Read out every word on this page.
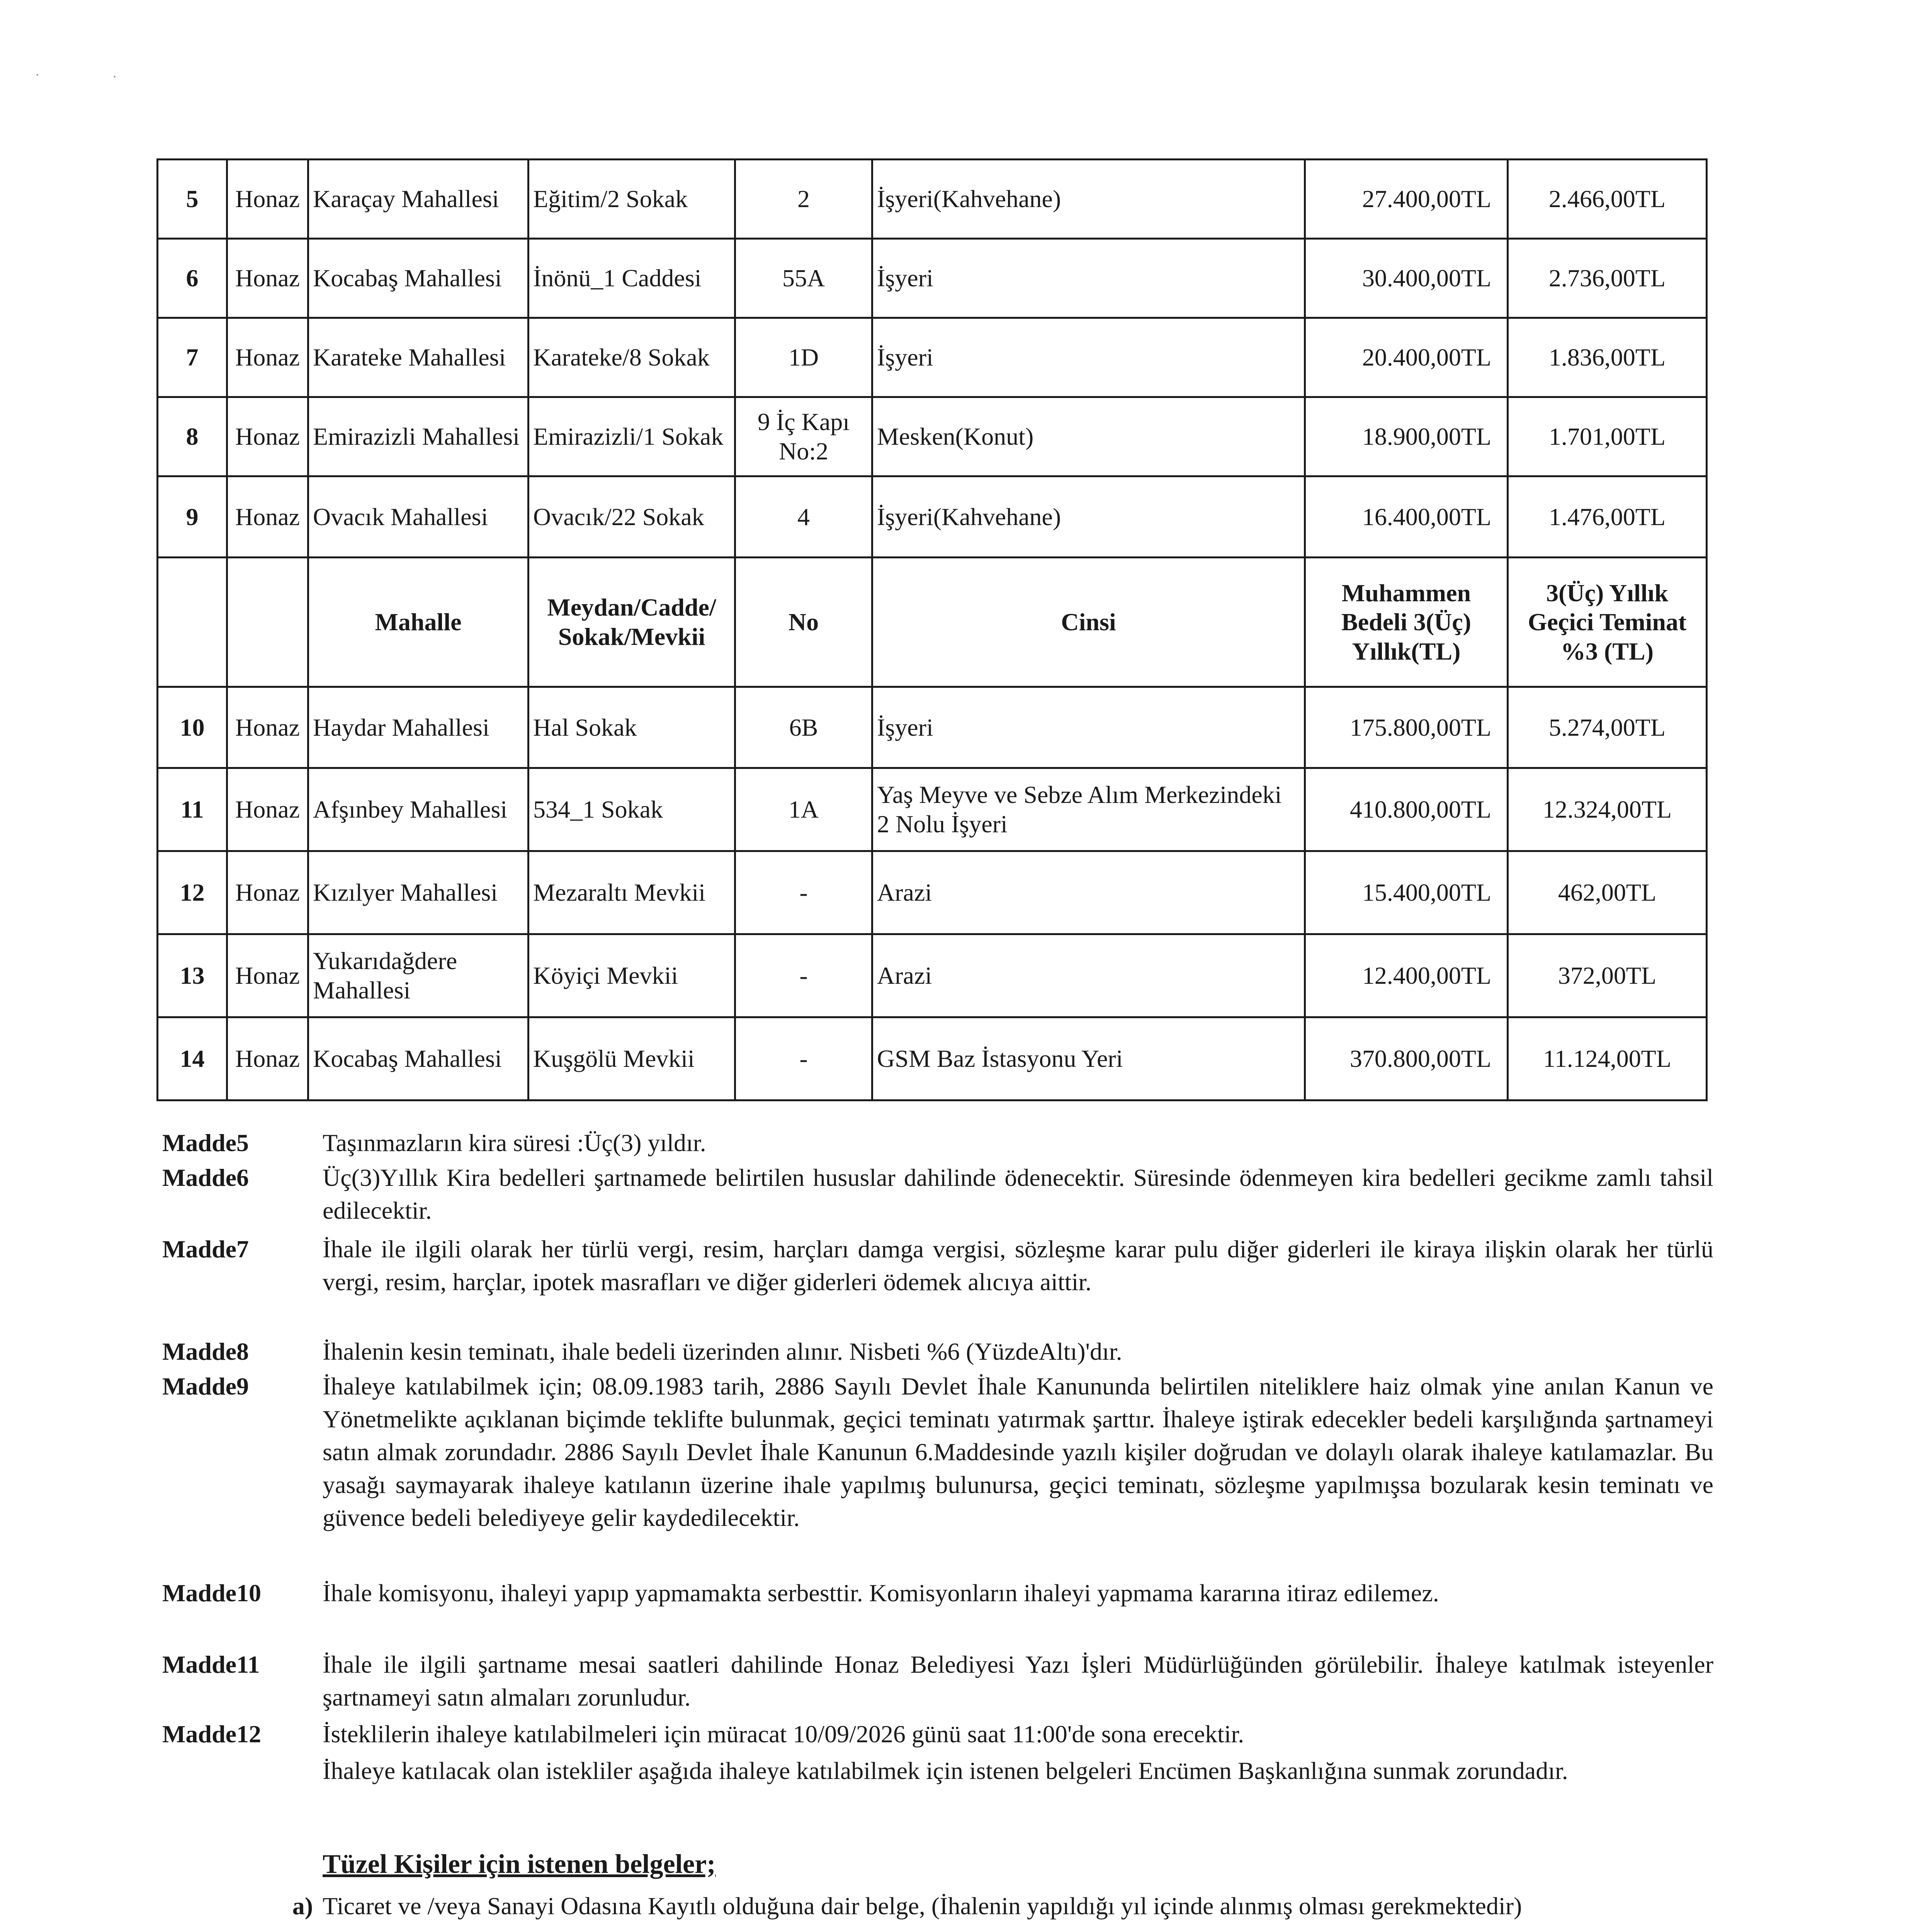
·	·
5	Honaz	Karaçay Mahallesi	Eğitim/2 Sokak	2	İşyeri(Kahvehane)	27.400,00TL	2.466,00TL
6	Honaz	Kocabaş Mahallesi	İnönü_1 Caddesi	55A	İşyeri	30.400,00TL	2.736,00TL
7	Honaz	Karateke Mahallesi	Karateke/8 Sokak	1D	İşyeri	20.400,00TL	1.836,00TL
8	Honaz	Emirazizli Mahallesi	Emirazizli/1 Sokak	9 İç Kapı No:2	Mesken(Konut)	18.900,00TL	1.701,00TL
9	Honaz	Ovacık Mahallesi	Ovacık/22 Sokak	4	İşyeri(Kahvehane)	16.400,00TL	1.476,00TL
		Mahalle	Meydan/Cadde/ Sokak/Mevkii	No	Cinsi	Muhammen Bedeli 3(Üç) Yıllık(TL)	3(Üç) Yıllık Geçici Teminat %3 (TL)
10	Honaz	Haydar Mahallesi	Hal Sokak	6B	İşyeri	175.800,00TL	5.274,00TL
11	Honaz	Afşınbey Mahallesi	534_1 Sokak	1A	Yaş Meyve ve Sebze Alım Merkezindeki 2 Nolu İşyeri	410.800,00TL	12.324,00TL
12	Honaz	Kızılyer Mahallesi	Mezaraltı Mevkii	-	Arazi	15.400,00TL	462,00TL
13	Honaz	Yukarıdağdere Mahallesi	Köyiçi Mevkii	-	Arazi	12.400,00TL	372,00TL
14	Honaz	Kocabaş Mahallesi	Kuşgölü Mevkii	-	GSM Baz İstasyonu Yeri	370.800,00TL	11.124,00TL
Madde5	Taşınmazların kira süresi :Üç(3) yıldır.
Madde6	Üç(3)Yıllık Kira bedelleri şartnamede belirtilen hususlar dahilinde ödenecektir. Süresinde ödenmeyen kira bedelleri gecikme zamlı tahsil edilecektir.
Madde7	İhale ile ilgili olarak her türlü vergi, resim, harçları damga vergisi, sözleşme karar pulu diğer giderleri ile kiraya ilişkin olarak her türlü vergi, resim, harçlar, ipotek masrafları ve diğer giderleri ödemek alıcıya aittir.
Madde8	İhalenin kesin teminatı, ihale bedeli üzerinden alınır. Nisbeti %6 (YüzdeAltı)'dır.
Madde9	İhaleye katılabilmek için; 08.09.1983 tarih, 2886 Sayılı Devlet İhale Kanununda belirtilen niteliklere haiz olmak yine anılan Kanun ve Yönetmelikte açıklanan biçimde teklifte bulunmak, geçici teminatı yatırmak şarttır. İhaleye iştirak edecekler bedeli karşılığında şartnameyi satın almak zorundadır. 2886 Sayılı Devlet İhale Kanunun 6.Maddesinde yazılı kişiler doğrudan ve dolaylı olarak ihaleye katılamazlar. Bu yasağı saymayarak ihaleye katılanın üzerine ihale yapılmış bulunursa, geçici teminatı, sözleşme yapılmışsa bozularak kesin teminatı ve güvence bedeli belediyeye gelir kaydedilecektir.
Madde10	İhale komisyonu, ihaleyi yapıp yapmamakta serbesttir. Komisyonların ihaleyi yapmama kararına itiraz edilemez.
Madde11	İhale ile ilgili şartname mesai saatleri dahilinde Honaz Belediyesi Yazı İşleri Müdürlüğünden görülebilir. İhaleye katılmak isteyenler şartnameyi satın almaları zorunludur.
Madde12	İsteklilerin ihaleye katılabilmeleri için müracat 10/09/2026 günü saat 11:00'de sona erecektir.
İhaleye katılacak olan istekliler aşağıda ihaleye katılabilmek için istenen belgeleri Encümen Başkanlığına sunmak zorundadır.
Tüzel Kişiler için istenen belgeler;
a) Ticaret ve /veya Sanayi Odasına Kayıtlı olduğuna dair belge, (İhalenin yapıldığı yıl içinde alınmış olması gerekmektedir)
